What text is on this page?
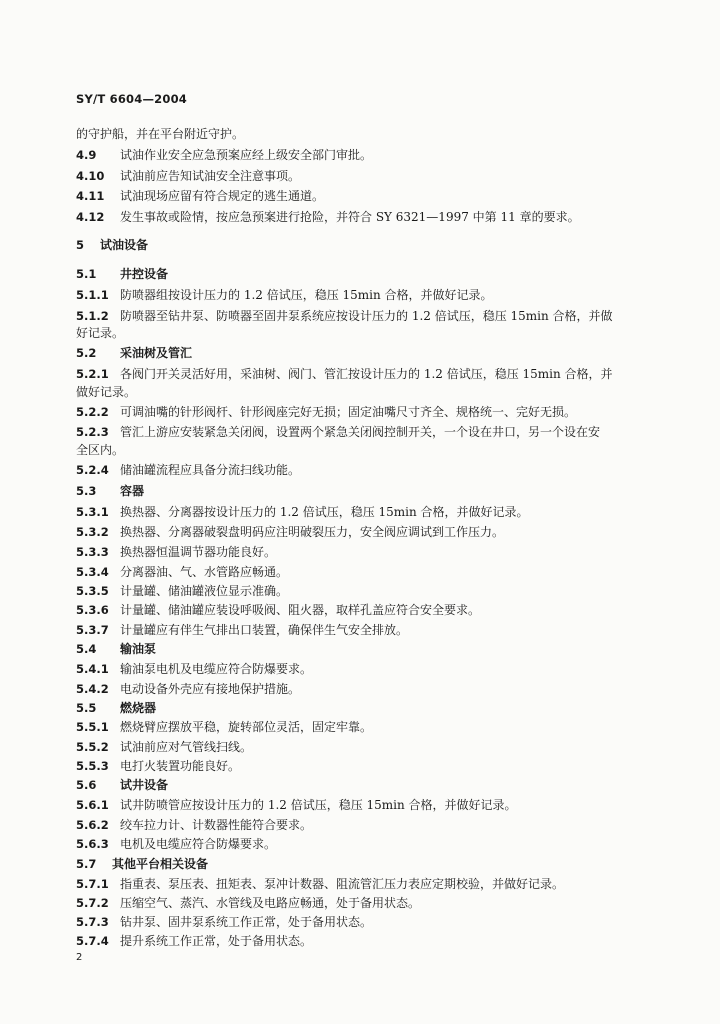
SY/T 6604—2004
的守护船，并在平台附近守护。
4.9 试油作业安全应急预案应经上级安全部门审批。
4.10 试油前应告知试油安全注意事项。
4.11 试油现场应留有符合规定的逃生通道。
4.12 发生事故或险情，按应急预案进行抢险，并符合 SY 6321—1997 中第 11 章的要求。
5 试油设备
5.1 井控设备
5.1.1 防喷器组按设计压力的 1.2 倍试压，稳压 15min 合格，并做好记录。
5.1.2 防喷器至钻井泵、防喷器至固井泵系统应按设计压力的 1.2 倍试压，稳压 15min 合格，并做
好记录。
5.2 采油树及管汇
5.2.1 各阀门开关灵活好用，采油树、阀门、管汇按设计压力的 1.2 倍试压，稳压 15min 合格，并
做好记录。
5.2.2 可调油嘴的针形阀杆、针形阀座完好无损；固定油嘴尺寸齐全、规格统一、完好无损。
5.2.3 管汇上游应安装紧急关闭阀，设置两个紧急关闭阀控制开关，一个设在井口，另一个设在安
全区内。
5.2.4 储油罐流程应具备分流扫线功能。
5.3 容器
5.3.1 换热器、分离器按设计压力的 1.2 倍试压，稳压 15min 合格，并做好记录。
5.3.2 换热器、分离器破裂盘明码应注明破裂压力，安全阀应调试到工作压力。
5.3.3 换热器恒温调节器功能良好。
5.3.4 分离器油、气、水管路应畅通。
5.3.5 计量罐、储油罐液位显示准确。
5.3.6 计量罐、储油罐应装设呼吸阀、阻火器，取样孔盖应符合安全要求。
5.3.7 计量罐应有伴生气排出口装置，确保伴生气安全排放。
5.4 输油泵
5.4.1 输油泵电机及电缆应符合防爆要求。
5.4.2 电动设备外壳应有接地保护措施。
5.5 燃烧器
5.5.1 燃烧臂应摆放平稳，旋转部位灵活，固定牢靠。
5.5.2 试油前应对气管线扫线。
5.5.3 电打火装置功能良好。
5.6 试井设备
5.6.1 试井防喷管应按设计压力的 1.2 倍试压，稳压 15min 合格，并做好记录。
5.6.2 绞车拉力计、计数器性能符合要求。
5.6.3 电机及电缆应符合防爆要求。
5.7 其他平台相关设备
5.7.1 指重表、泵压表、扭矩表、泵冲计数器、阻流管汇压力表应定期校验，并做好记录。
5.7.2 压缩空气、蒸汽、水管线及电路应畅通，处于备用状态。
5.7.3 钻井泵、固井泵系统工作正常，处于备用状态。
5.7.4 提升系统工作正常，处于备用状态。
2
